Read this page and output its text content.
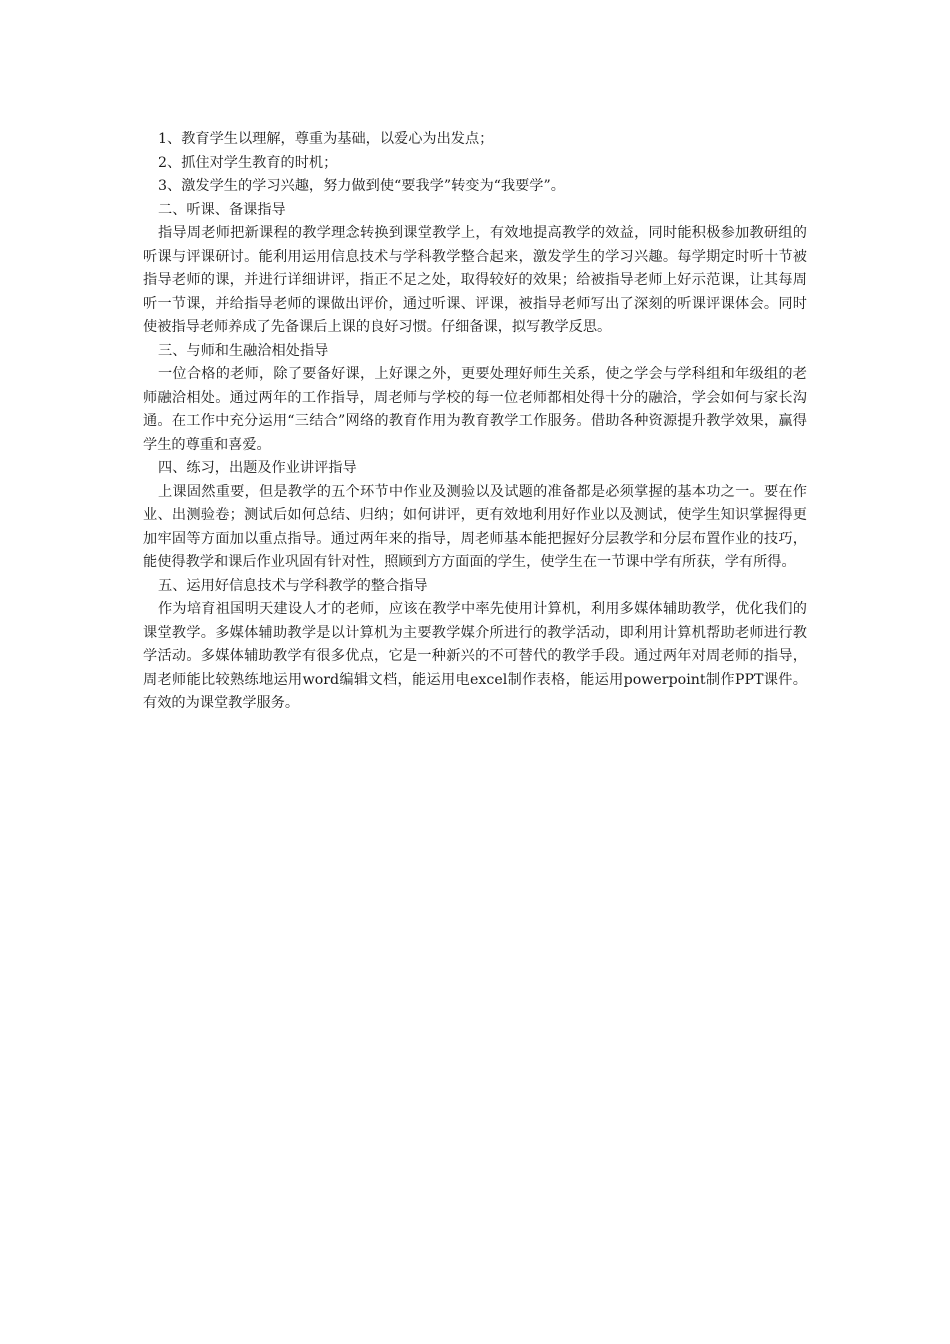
1、教育学生以理解，尊重为基础，以爱心为出发点；

2、抓住对学生教育的时机；

3、激发学生的学习兴趣，努力做到使“要我学”转变为“我要学”。

二、听课、备课指导

指导周老师把新课程的教学理念转换到课堂教学上，有效地提高教学的效益，同时能积极参加教研组的听课与评课研讨。能利用运用信息技术与学科教学整合起来，激发学生的学习兴趣。每学期定时听十节被指导老师的课，并进行详细讲评，指正不足之处，取得较好的效果；给被指导老师上好示范课，让其每周听一节课，并给指导老师的课做出评价，通过听课、评课，被指导老师写出了深刻的听课评课体会。同时使被指导老师养成了先备课后上课的良好习惯。仔细备课，拟写教学反思。

三、与师和生融洽相处指导

一位合格的老师，除了要备好课，上好课之外，更要处理好师生关系，使之学会与学科组和年级组的老师融洽相处。通过两年的工作指导，周老师与学校的每一位老师都相处得十分的融洽，学会如何与家长沟通。在工作中充分运用“三结合”网络的教育作用为教育教学工作服务。借助各种资源提升教学效果，赢得学生的尊重和喜爱。

四、练习，出题及作业讲评指导

上课固然重要，但是教学的五个环节中作业及测验以及试题的准备都是必须掌握的基本功之一。要在作业、出测验卷；测试后如何总结、归纳；如何讲评，更有效地利用好作业以及测试，使学生知识掌握得更加牢固等方面加以重点指导。通过两年来的指导，周老师基本能把握好分层教学和分层布置作业的技巧，能使得教学和课后作业巩固有针对性，照顾到方方面面的学生，使学生在一节课中学有所获，学有所得。

五、运用好信息技术与学科教学的整合指导

作为培育祖国明天建设人才的老师，应该在教学中率先使用计算机，利用多媒体辅助教学，优化我们的课堂教学。多媒体辅助教学是以计算机为主要教学媒介所进行的教学活动，即利用计算机帮助老师进行教学活动。多媒体辅助教学有很多优点，它是一种新兴的不可替代的教学手段。通过两年对周老师的指导，周老师能比较熟练地运用word编辑文档，能运用电excel制作表格，能运用powerpoint制作PPT课件。有效的为课堂教学服务。
